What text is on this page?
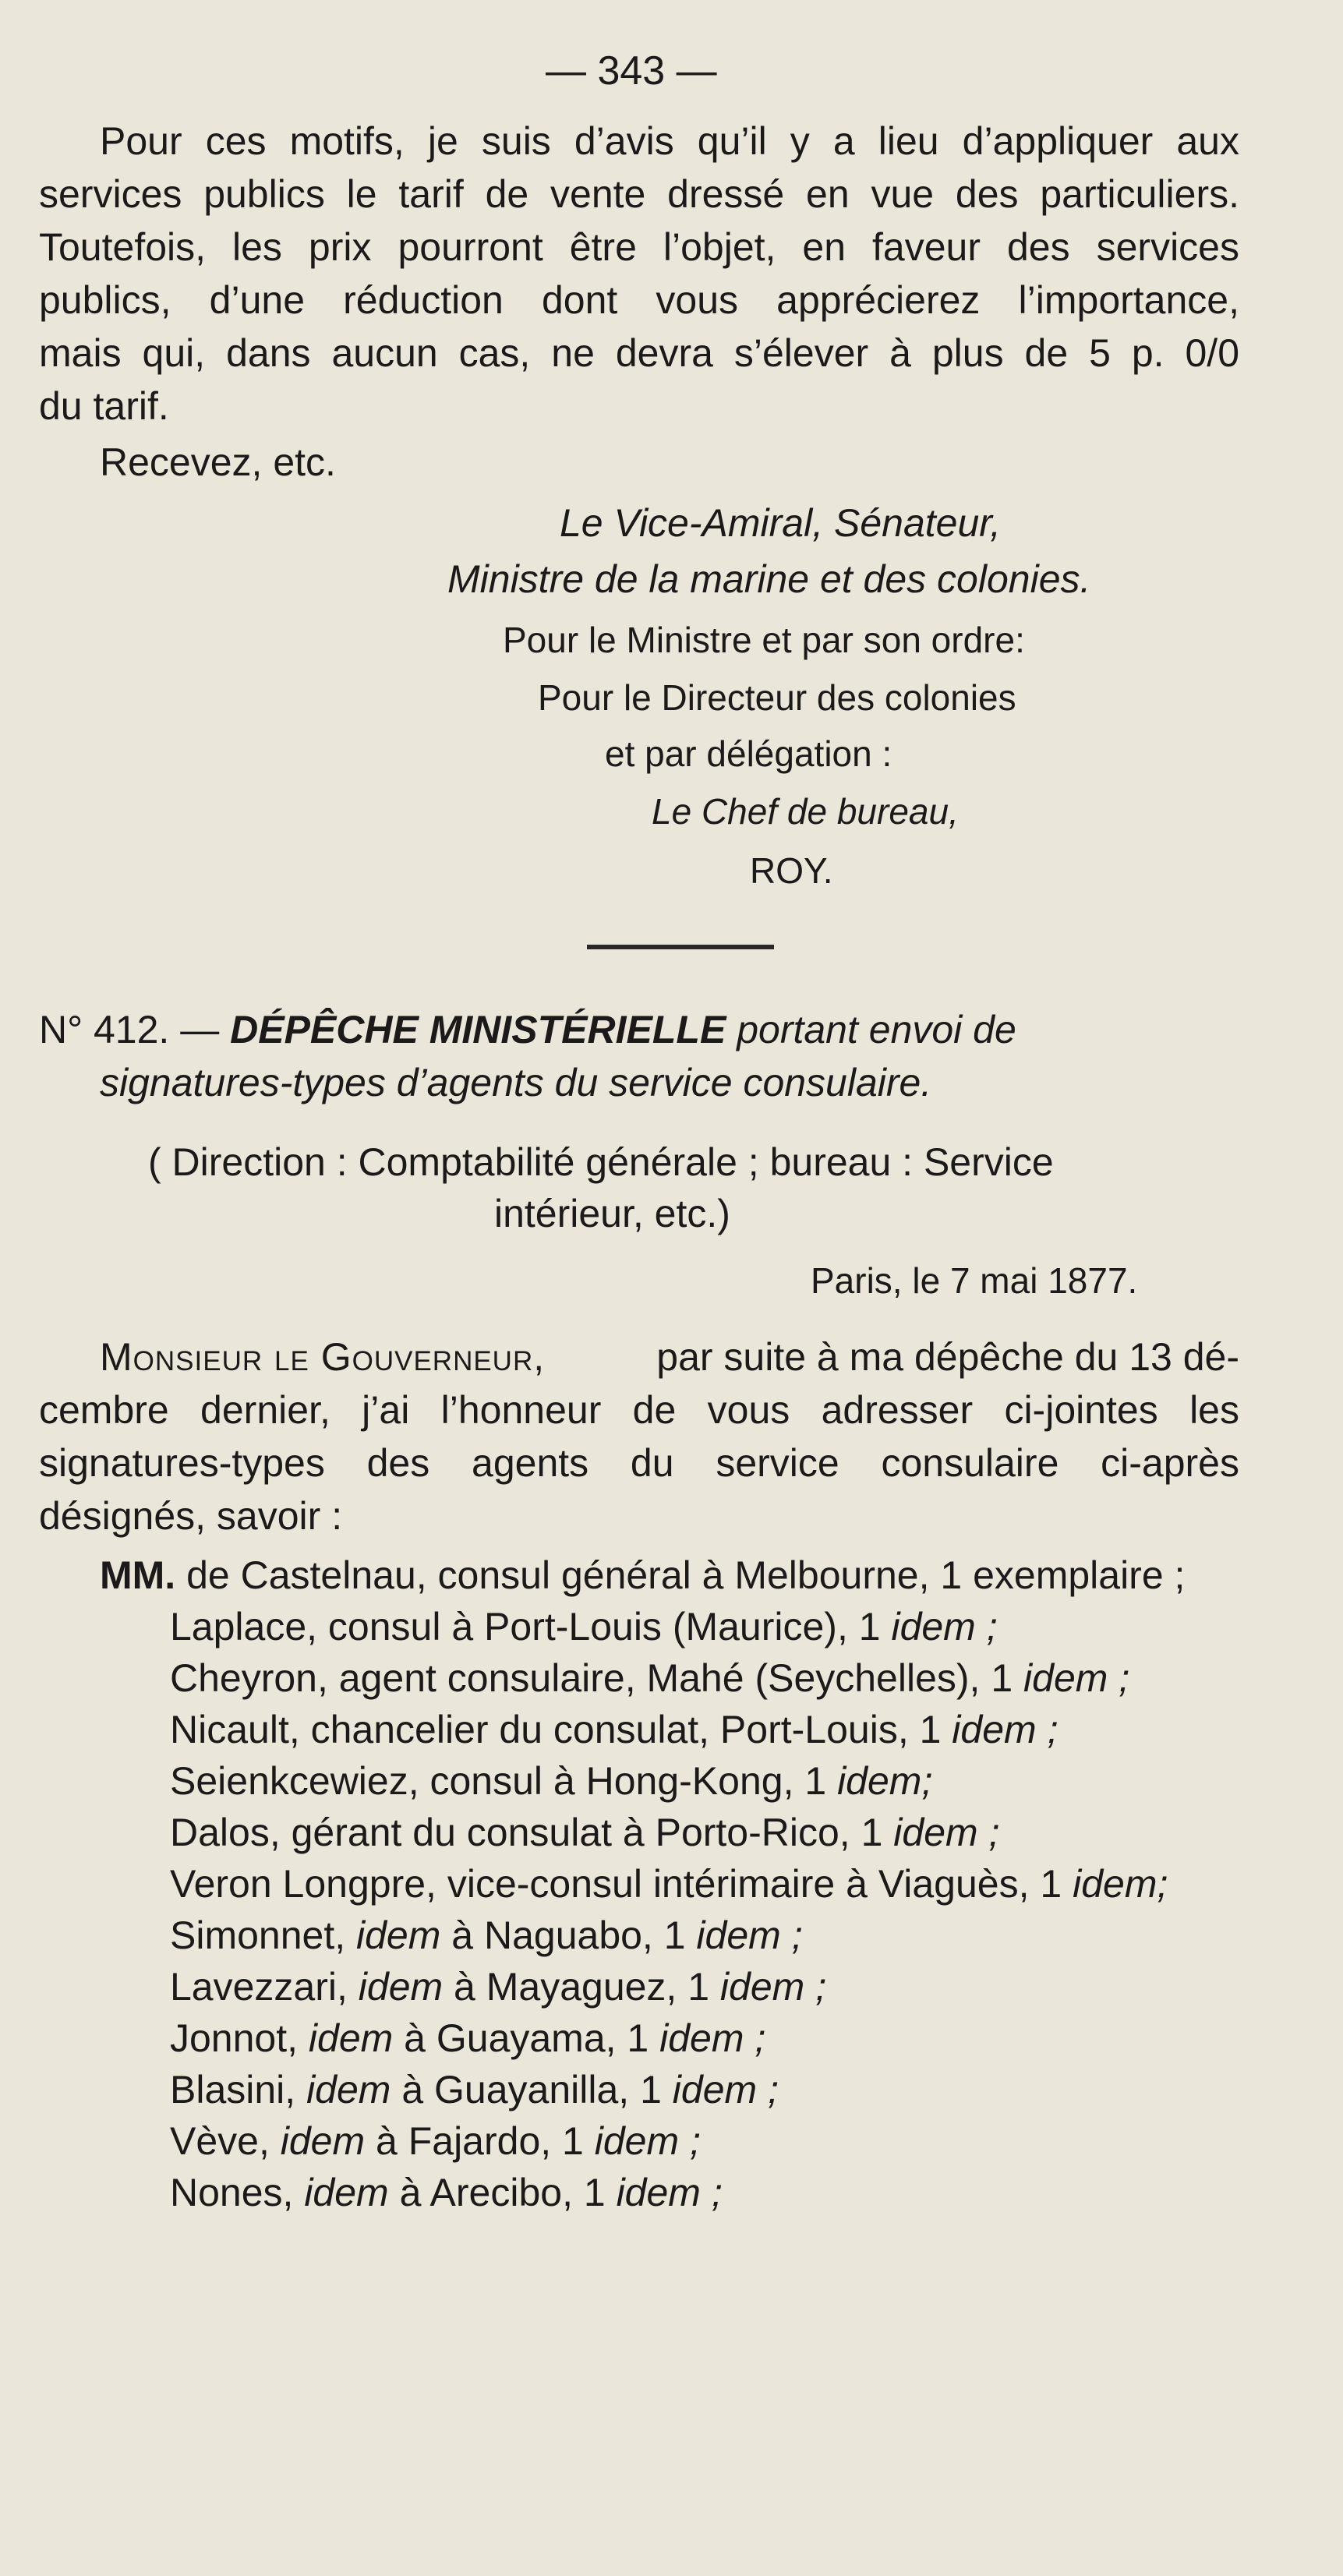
— 343 —
Pour ces motifs, je suis d’avis qu’il y a lieu d’appliquer aux
services publics le tarif de vente dressé en vue des particuliers.
Toutefois, les prix pourront être l’objet, en faveur des services
publics, d’une réduction dont vous apprécierez l’importance,
mais qui, dans aucun cas, ne devra s’élever à plus de 5 p. 0/0
du tarif.
Recevez, etc.
Le Vice-Amiral, Sénateur,
Ministre de la marine et des colonies.
Pour le Ministre et par son ordre:
Pour le Directeur des colonies
et par délégation :
Le Chef de bureau,
ROY.
N° 412. — DÉPÊCHE MINISTÉRIELLE portant envoi de
signatures-types d’agents du service consulaire.
( Direction : Comptabilité générale ; bureau : Service
intérieur, etc.)
Paris, le 7 mai 1877.
Monsieur le Gouverneur,	par suite à ma dépêche du 13 dé-
cembre dernier, j’ai l’honneur de vous adresser ci-jointes les
signatures-types des agents du service consulaire ci-après
désignés, savoir :
MM. de Castelnau, consul général à Melbourne, 1 exemplaire ;
Laplace, consul à Port-Louis (Maurice), 1 idem ;
Cheyron, agent consulaire, Mahé (Seychelles), 1 idem ;
Nicault, chancelier du consulat, Port-Louis, 1 idem ;
Seienkcewiez, consul à Hong-Kong, 1 idem;
Dalos, gérant du consulat à Porto-Rico, 1 idem ;
Veron Longpre, vice-consul intérimaire à Viaguès, 1 idem;
Simonnet, idem à Naguabo, 1 idem ;
Lavezzari, idem à Mayaguez, 1 idem ;
Jonnot, idem à Guayama, 1 idem ;
Blasini, idem à Guayanilla, 1 idem ;
Vève, idem à Fajardo, 1 idem ;
Nones, idem à Arecibo, 1 idem ;
